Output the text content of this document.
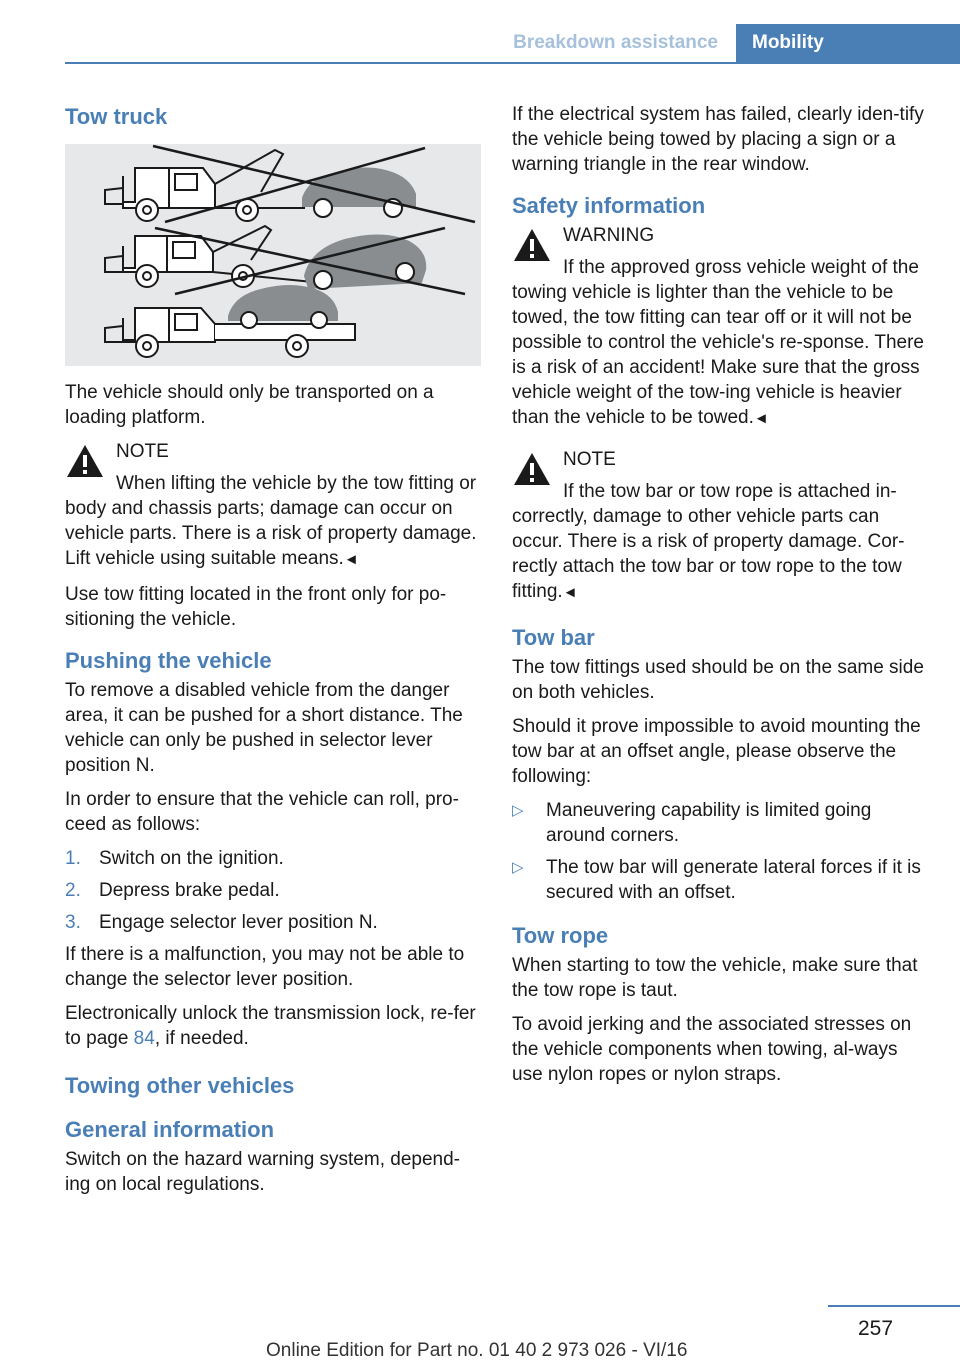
Breakdown assistance	Mobility
Tow truck

The vehicle should only be transported on a loading platform.

NOTE
When lifting the vehicle by the tow fitting or body and chassis parts; damage can occur on vehicle parts. There is a risk of property damage. Lift vehicle using suitable means.◄

Use tow fitting located in the front only for po‐sitioning the vehicle.

Pushing the vehicle

To remove a disabled vehicle from the danger area, it can be pushed for a short distance. The vehicle can only be pushed in selector lever position N.

In order to ensure that the vehicle can roll, pro‐ceed as follows:

1. Switch on the ignition.
2. Depress brake pedal.
3. Engage selector lever position N.

If there is a malfunction, you may not be able to change the selector lever position.

Electronically unlock the transmission lock, re‐fer to page 84, if needed.

Towing other vehicles
General information

Switch on the hazard warning system, depend‐ing on local regulations.

If the electrical system has failed, clearly iden‐tify the vehicle being towed by placing a sign or a warning triangle in the rear window.

Safety information
WARNING
If the approved gross vehicle weight of the towing vehicle is lighter than the vehicle to be towed, the tow fitting can tear off or it will not be possible to control the vehicle's re‐sponse. There is a risk of an accident! Make sure that the gross vehicle weight of the tow‐ing vehicle is heavier than the vehicle to be towed.◄
NOTE
If the tow bar or tow rope is attached in‐correctly, damage to other vehicle parts can occur. There is a risk of property damage. Cor‐rectly attach the tow bar or tow rope to the tow fitting.◄
Tow bar

The tow fittings used should be on the same side on both vehicles.

Should it prove impossible to avoid mounting the tow bar at an offset angle, please observe the following:

▷ Maneuvering capability is limited going around corners.
▷ The tow bar will generate lateral forces if it is secured with an offset.
Tow rope

When starting to tow the vehicle, make sure that the tow rope is taut.

To avoid jerking and the associated stresses on the vehicle components when towing, al‐ways use nylon ropes or nylon straps.

257
Online Edition for Part no. 01 40 2 973 026 - VI/16
